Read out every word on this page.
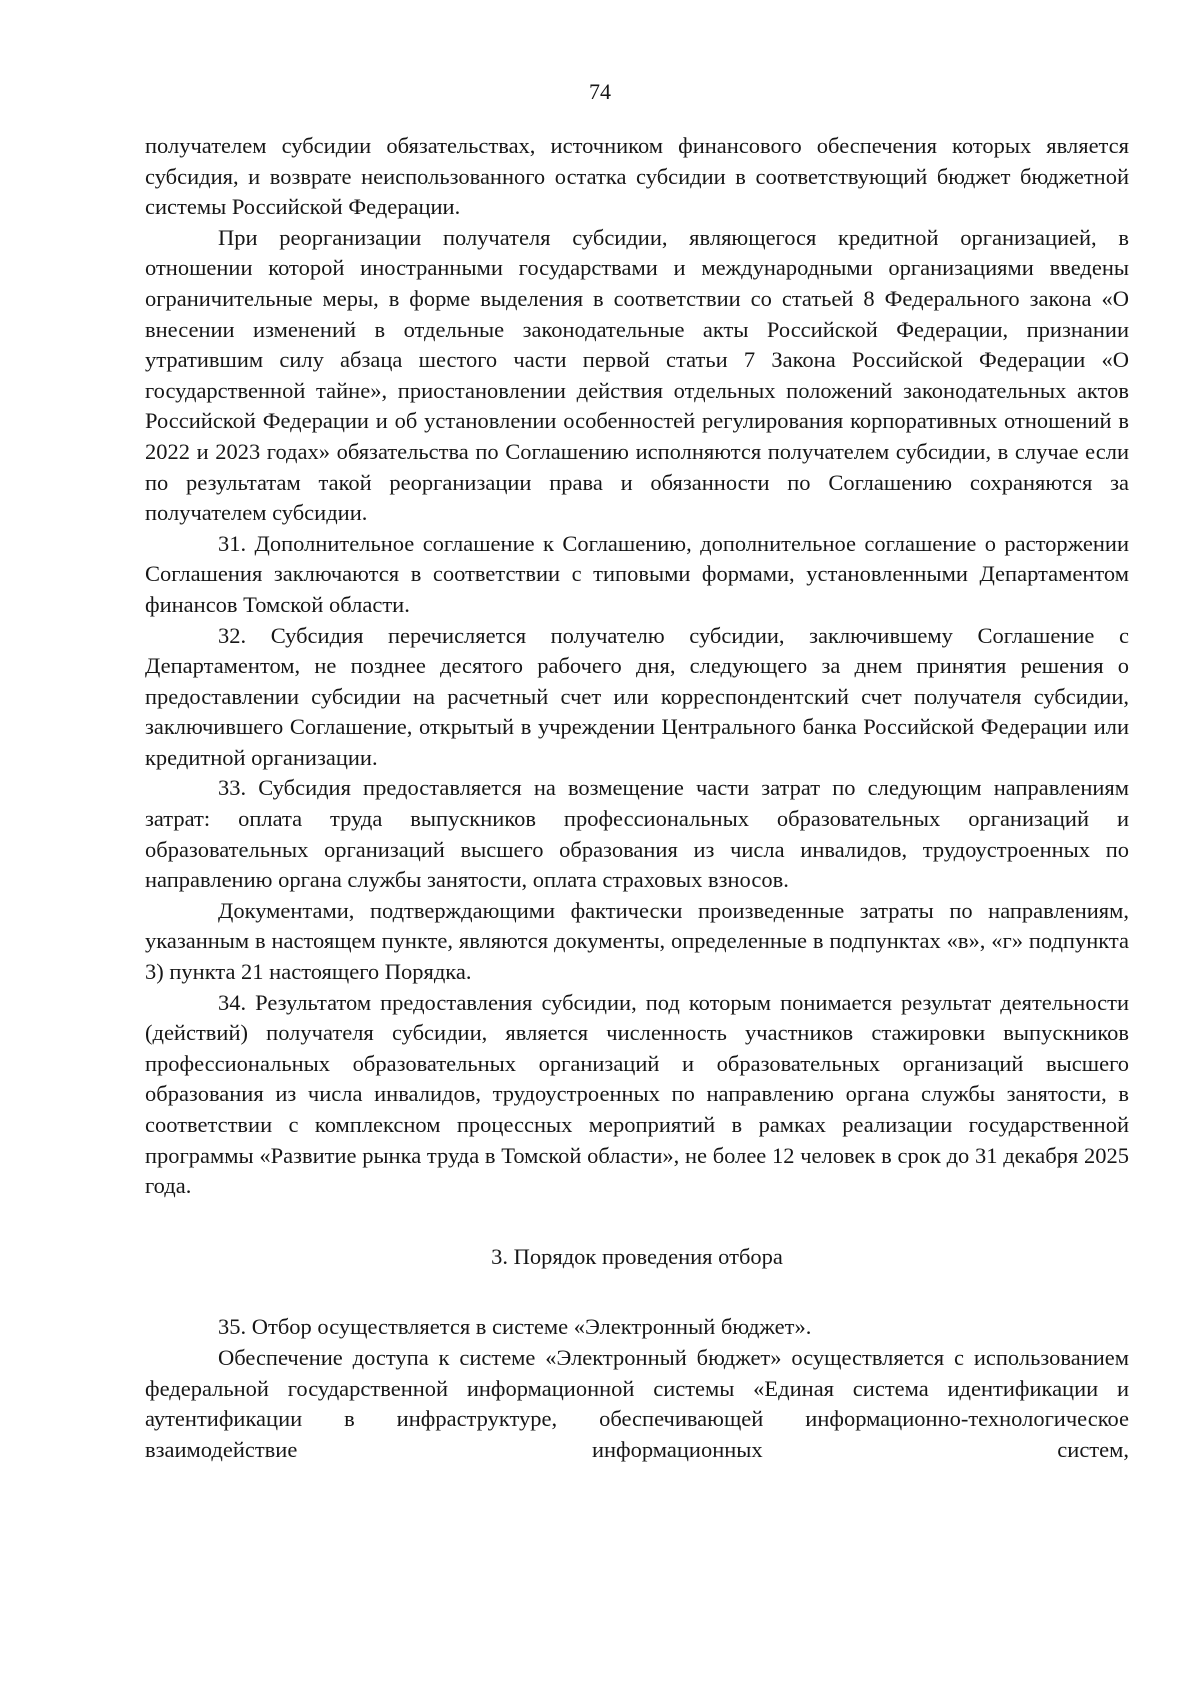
74

получателем субсидии обязательствах, источником финансового обеспечения которых является субсидия, и возврате неиспользованного остатка субсидии в соответствующий бюджет бюджетной системы Российской Федерации.

При реорганизации получателя субсидии, являющегося кредитной организацией, в отношении которой иностранными государствами и международными организациями введены ограничительные меры, в форме выделения в соответствии со статьей 8 Федерального закона «О внесении изменений в отдельные законодательные акты Российской Федерации, признании утратившим силу абзаца шестого части первой статьи 7 Закона Российской Федерации «О государственной тайне», приостановлении действия отдельных положений законодательных актов Российской Федерации и об установлении особенностей регулирования корпоративных отношений в 2022 и 2023 годах» обязательства по Соглашению исполняются получателем субсидии, в случае если по результатам такой реорганизации права и обязанности по Соглашению сохраняются за получателем субсидии.

31. Дополнительное соглашение к Соглашению, дополнительное соглашение о расторжении Соглашения заключаются в соответствии с типовыми формами, установленными Департаментом финансов Томской области.

32. Субсидия перечисляется получателю субсидии, заключившему Соглашение с Департаментом, не позднее десятого рабочего дня, следующего за днем принятия решения о предоставлении субсидии на расчетный счет или корреспондентский счет получателя субсидии, заключившего Соглашение, открытый в учреждении Центрального банка Российской Федерации или кредитной организации.

33. Субсидия предоставляется на возмещение части затрат по следующим направлениям затрат: оплата труда выпускников профессиональных образовательных организаций и образовательных организаций высшего образования из числа инвалидов, трудоустроенных по направлению органа службы занятости, оплата страховых взносов.

Документами, подтверждающими фактически произведенные затраты по направлениям, указанным в настоящем пункте, являются документы, определенные в подпунктах «в», «г» подпункта 3) пункта 21 настоящего Порядка.

34. Результатом предоставления субсидии, под которым понимается результат деятельности (действий) получателя субсидии, является численность участников стажировки выпускников профессиональных образовательных организаций и образовательных организаций высшего образования из числа инвалидов, трудоустроенных по направлению органа службы занятости, в соответствии с комплексном процессных мероприятий в рамках реализации государственной программы «Развитие рынка труда в Томской области», не более 12 человек в срок до 31 декабря 2025 года.

3. Порядок проведения отбора

35. Отбор осуществляется в системе «Электронный бюджет».

Обеспечение доступа к системе «Электронный бюджет» осуществляется с использованием федеральной государственной информационной системы «Единая система идентификации и аутентификации в инфраструктуре, обеспечивающей информационно-технологическое взаимодействие информационных систем,
